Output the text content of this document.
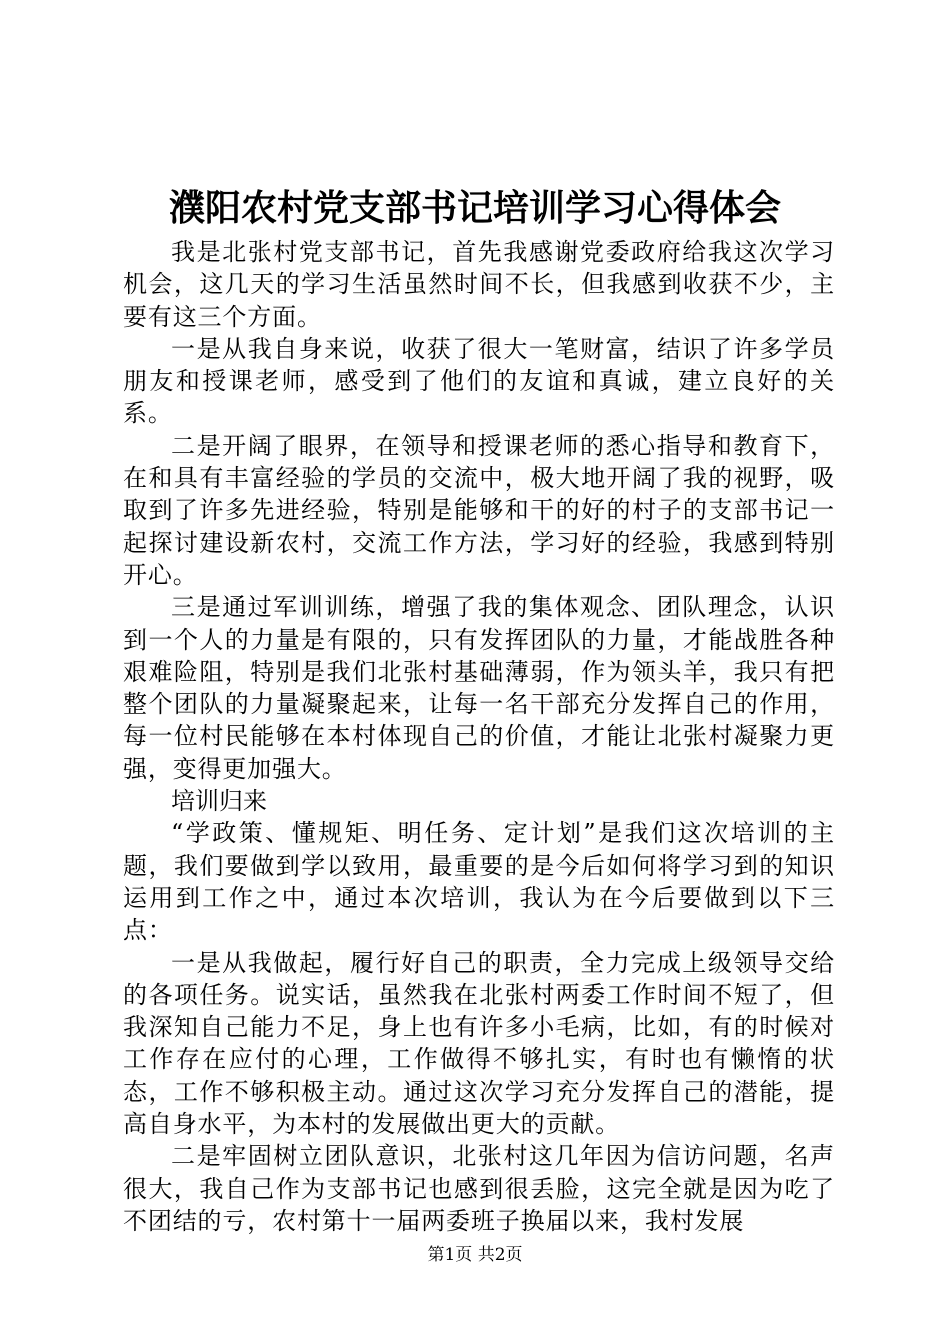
濮阳农村党支部书记培训学习心得体会

我是北张村党支部书记，首先我感谢党委政府给我这次学习机会，这几天的学习生活虽然时间不长，但我感到收获不少，主要有这三个方面。

一是从我自身来说，收获了很大一笔财富，结识了许多学员朋友和授课老师，感受到了他们的友谊和真诚，建立良好的关系。

二是开阔了眼界，在领导和授课老师的悉心指导和教育下，在和具有丰富经验的学员的交流中，极大地开阔了我的视野，吸取到了许多先进经验，特别是能够和干的好的村子的支部书记一起探讨建设新农村，交流工作方法，学习好的经验，我感到特别开心。

三是通过军训训练，增强了我的集体观念、团队理念，认识到一个人的力量是有限的，只有发挥团队的力量，才能战胜各种艰难险阻，特别是我们北张村基础薄弱，作为领头羊，我只有把整个团队的力量凝聚起来，让每一名干部充分发挥自己的作用，每一位村民能够在本村体现自己的价值，才能让北张村凝聚力更强，变得更加强大。

培训归来

“学政策、懂规矩、明任务、定计划”是我们这次培训的主题，我们要做到学以致用，最重要的是今后如何将学习到的知识运用到工作之中，通过本次培训，我认为在今后要做到以下三点：

一是从我做起，履行好自己的职责，全力完成上级领导交给的各项任务。说实话，虽然我在北张村两委工作时间不短了，但我深知自己能力不足，身上也有许多小毛病，比如，有的时候对工作存在应付的心理，工作做得不够扎实，有时也有懒惰的状态，工作不够积极主动。通过这次学习充分发挥自己的潜能，提高自身水平，为本村的发展做出更大的贡献。

二是牢固树立团队意识，北张村这几年因为信访问题，名声很大，我自己作为支部书记也感到很丢脸，这完全就是因为吃了不团结的亏，农村第十一届两委班子换届以来，我村发展

第1页 共2页
